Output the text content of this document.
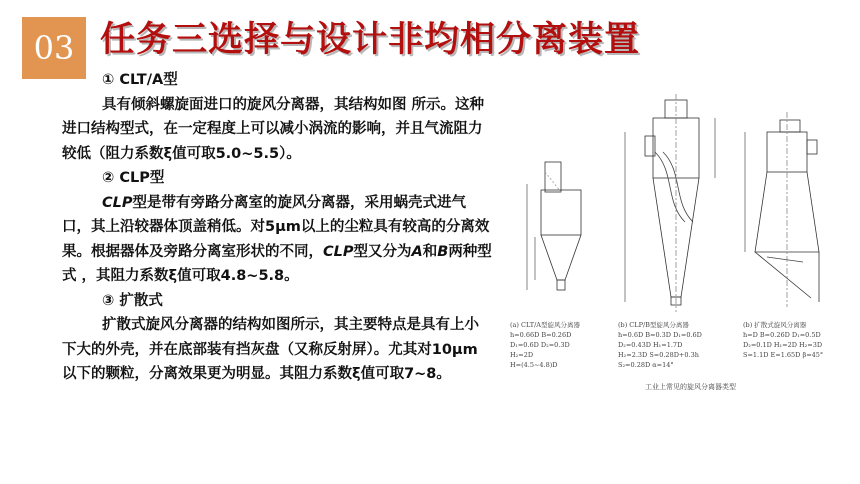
03 任务三选择与设计非均相分离装置

① CLT/A型

具有倾斜螺旋面进口的旋风分离器，其结构如图 所示。这种进口结构型式，在一定程度上可以减小涡流的影响，并且气流阻力较低（阻力系数ξ值可取5.0~5.5）。

② CLP型

CLP型是带有旁路分离室的旋风分离器，采用蜗壳式进气口，其上沿较器体顶盖稍低。对5μm以上的尘粒具有较高的分离效果。根据器体及旁路分离室形状的不同，CLP型又分为A和B两种型式 ，其阻力系数ξ值可取4.8~5.8。

③ 扩散式

扩散式旋风分离器的结构如图所示，其主要特点是具有上小下大的外壳，并在底部装有挡灰盘（又称反射屏）。尤其对10μm以下的颗粒，分离效果更为明显。其阻力系数ξ值可取7~8。

(a) CLT/A型旋风分离器
h=0.66D B=0.26D
D₁=0.6D D₂=0.3D
H₂=2D
H=(4.5~4.8)D
(b) CLP/B型旋风分离器
h=0.6D B=0.3D D₁=0.6D
D₂=0.43D H₁=1.7D
H₂=2.3D S=0.28D+0.3h
S₂=0.28D α=14°
(b) 扩散式旋风分离器
h=D B=0.26D D₁=0.5D
D₂=0.1D H₁=2D H₂=3D
S=1.1D E=1.65D β=45°
工业上常见的旋风分离器类型
